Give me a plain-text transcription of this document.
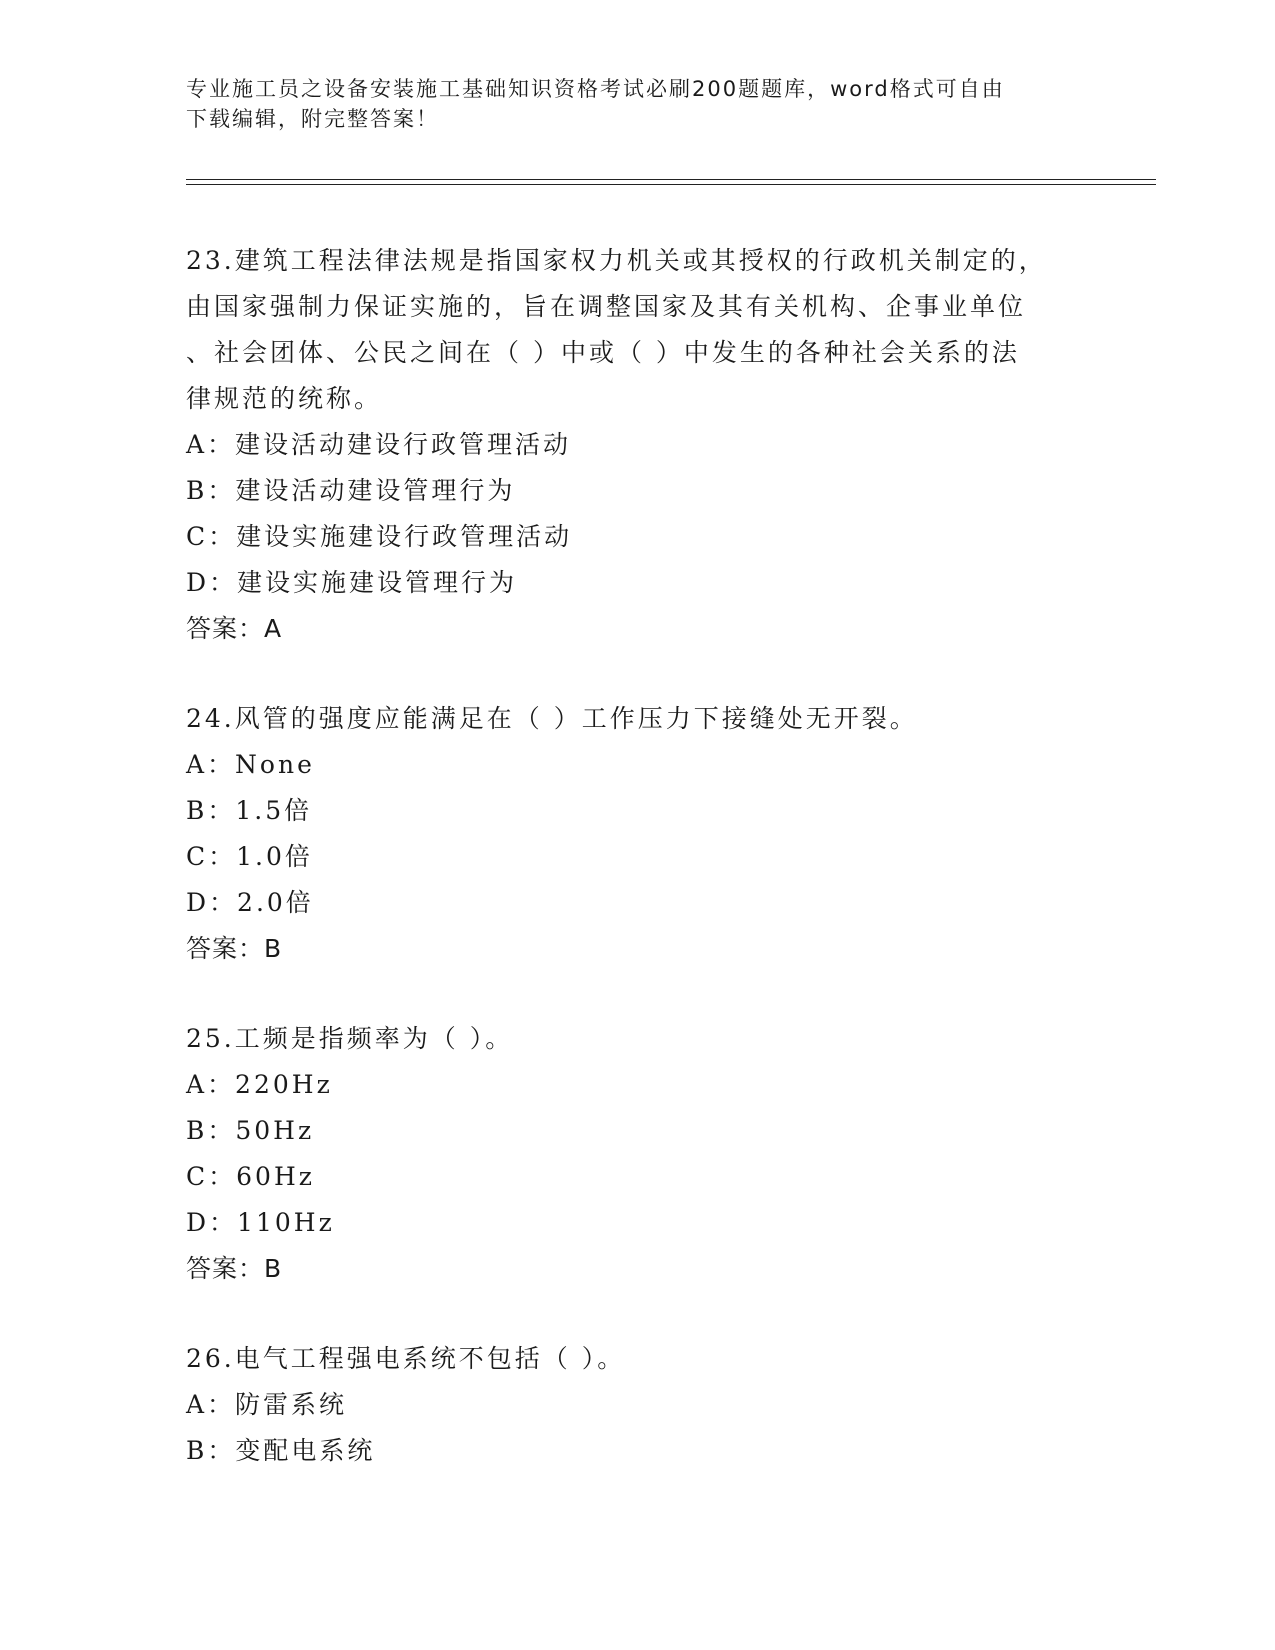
专业施工员之设备安装施工基础知识资格考试必刷200题题库，word格式可自由
下载编辑，附完整答案！
23.建筑工程法律法规是指国家权力机关或其授权的行政机关制定的，
由国家强制力保证实施的，旨在调整国家及其有关机构、企事业单位
、社会团体、公民之间在（ ）中或（ ）中发生的各种社会关系的法
律规范的统称。
A：建设活动建设行政管理活动
B：建设活动建设管理行为
C：建设实施建设行政管理活动
D：建设实施建设管理行为
答案：A
24.风管的强度应能满足在（ ）工作压力下接缝处无开裂。
A：None
B：1.5倍
C：1.0倍
D：2.0倍
答案：B
25.工频是指频率为（ ）。
A：220Hz
B：50Hz
C：60Hz
D：110Hz
答案：B
26.电气工程强电系统不包括（ ）。
A：防雷系统
B：变配电系统
